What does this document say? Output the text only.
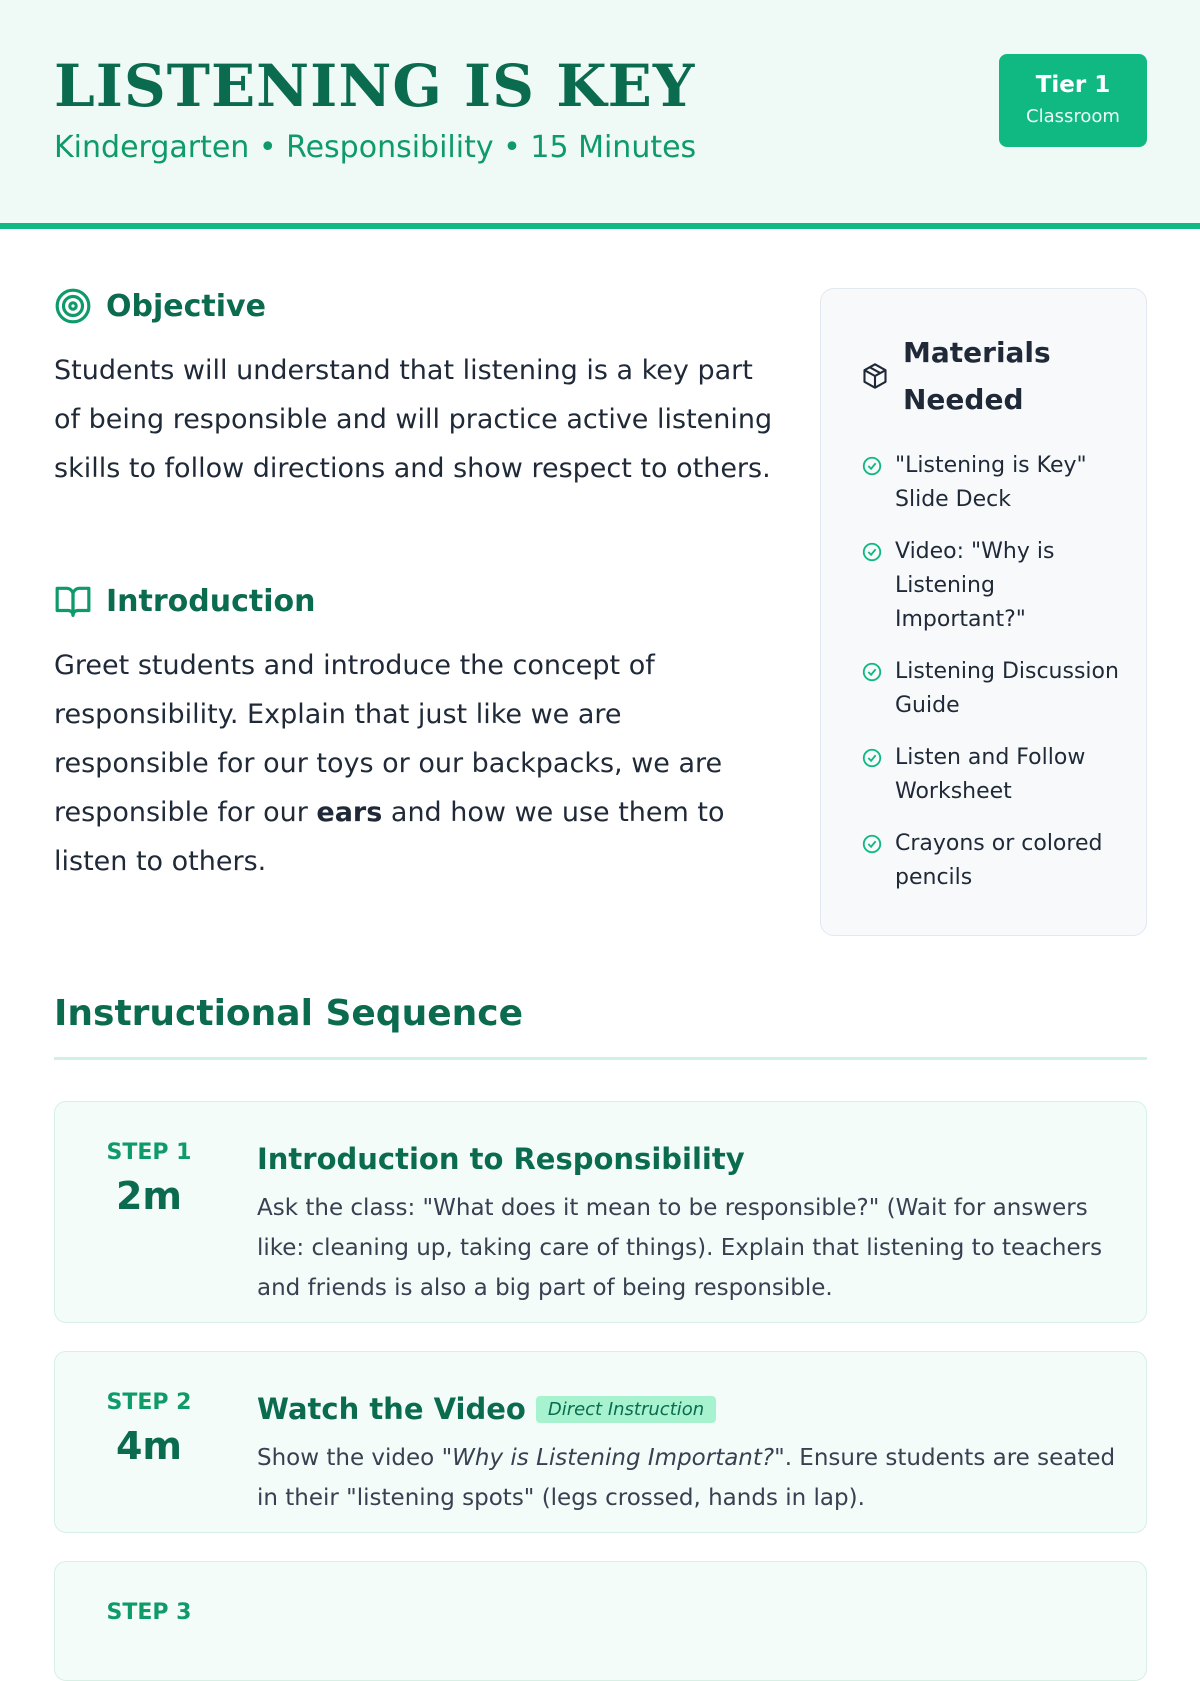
LISTENING IS KEY
Kindergarten • Responsibility • 15 Minutes
Tier 1
Classroom
Objective
Students will understand that listening is a key part of being responsible and will practice active listening skills to follow directions and show respect to others.
Introduction
Greet students and introduce the concept of responsibility. Explain that just like we are responsible for our toys or our backpacks, we are responsible for our ears and how we use them to listen to others.
Materials Needed
"Listening is Key" Slide Deck
Video: "Why is Listening Important?"
Listening Discussion Guide
Listen and Follow Worksheet
Crayons or colored pencils
Instructional Sequence
STEP 1
2m
Introduction to Responsibility
Ask the class: "What does it mean to be responsible?" (Wait for answers like: cleaning up, taking care of things). Explain that listening to teachers and friends is also a big part of being responsible.
STEP 2
4m
Watch the Video	Direct Instruction
Show the video "Why is Listening Important?". Ensure students are seated in their "listening spots" (legs crossed, hands in lap).
STEP 3
